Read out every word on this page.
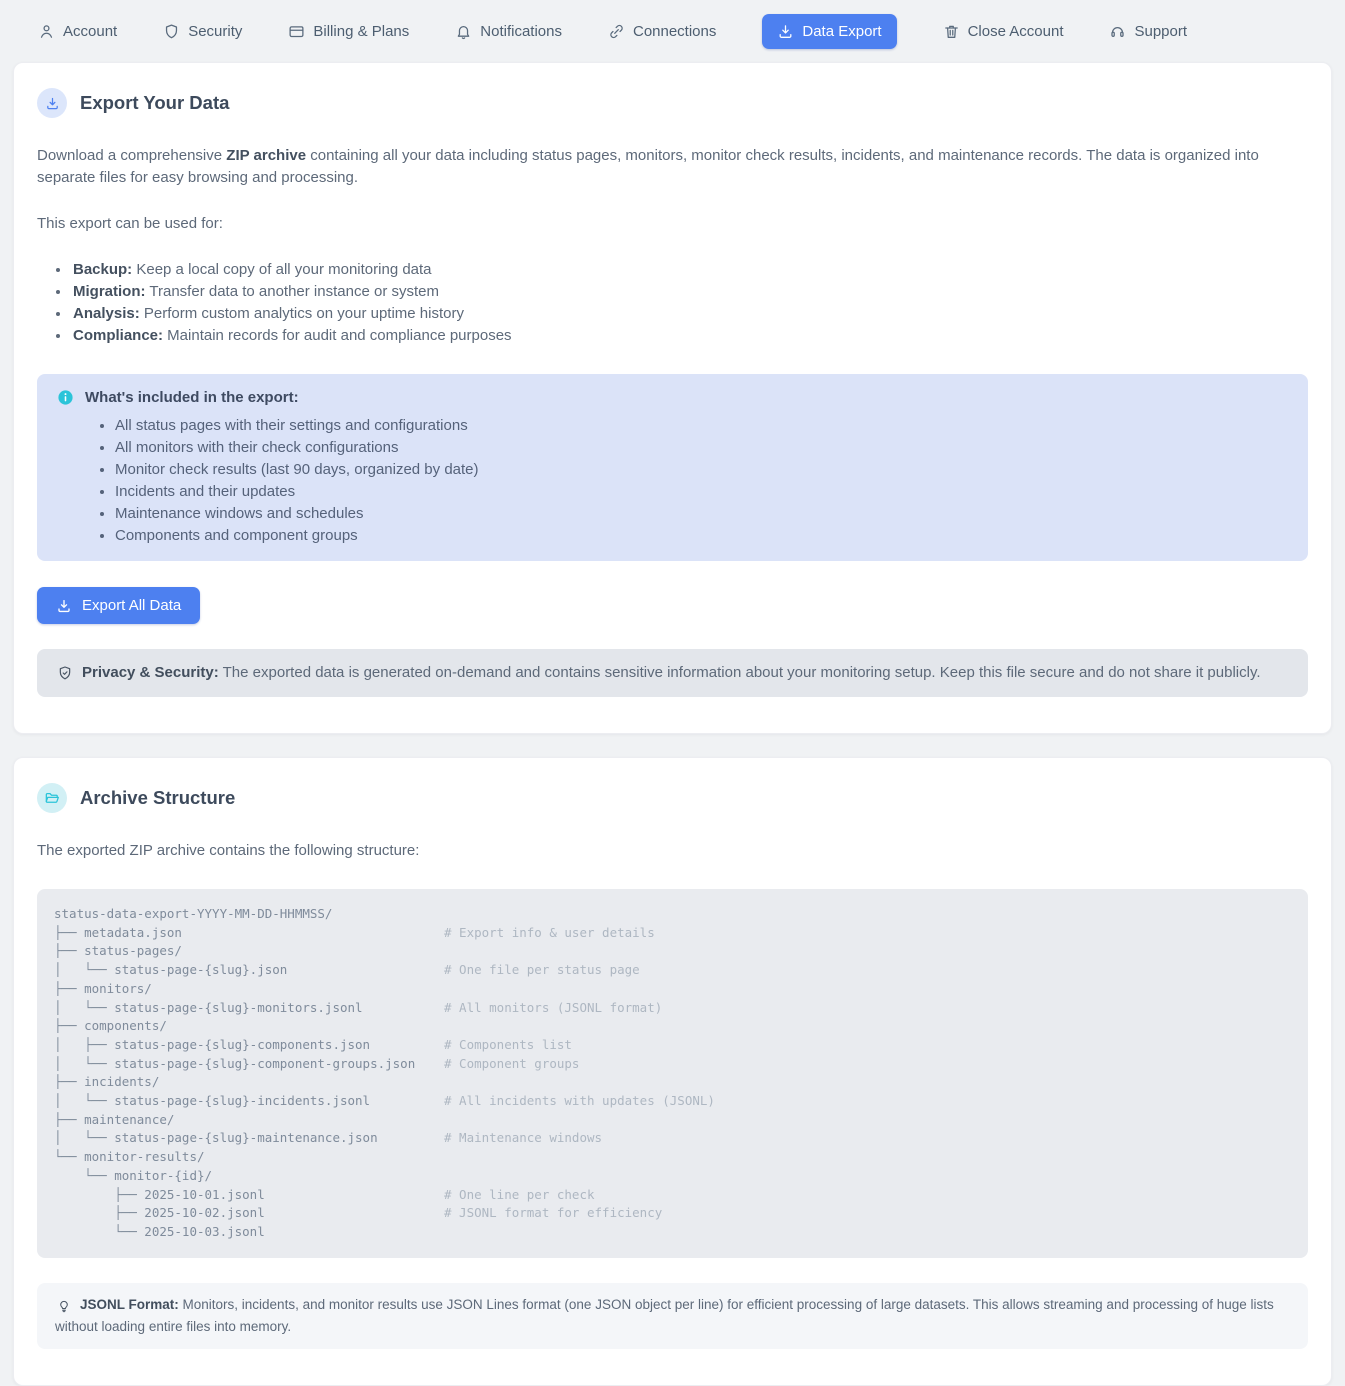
Account	Security	Billing & Plans	Notifications	Connections	Data Export	Close Account	Support
Export Your Data

Download a comprehensive ZIP archive containing all your data including status pages, monitors, monitor check results, incidents, and maintenance records. The data is organized into separate files for easy browsing and processing.

This export can be used for:

• Backup: Keep a local copy of all your monitoring data
• Migration: Transfer data to another instance or system
• Analysis: Perform custom analytics on your uptime history
• Compliance: Maintain records for audit and compliance purposes
What's included in the export:
• All status pages with their settings and configurations
• All monitors with their check configurations
• Monitor check results (last 90 days, organized by date)
• Incidents and their updates
• Maintenance windows and schedules
• Components and component groups
Export All Data

Privacy & Security: The exported data is generated on-demand and contains sensitive information about your monitoring setup. Keep this file secure and do not share it publicly.

Archive Structure

The exported ZIP archive contains the following structure:

status-data-export-YYYY-MM-DD-HHMMSS/
├── metadata.json	# Export info & user details
├── status-pages/
│   └── status-page-{slug}.json	# One file per status page
├── monitors/
│   └── status-page-{slug}-monitors.jsonl	# All monitors (JSONL format)
├── components/
│   ├── status-page-{slug}-components.json	# Components list
│   └── status-page-{slug}-component-groups.json # Component groups
├── incidents/
│   └── status-page-{slug}-incidents.jsonl	# All incidents with updates (JSONL)
├── maintenance/
│   └── status-page-{slug}-maintenance.json	# Maintenance windows
└── monitor-results/
└── monitor-{id}/
├── 2025-10-01.jsonl	# One line per check
├── 2025-10-02.jsonl	# JSONL format for efficiency
└── 2025-10-03.jsonl

JSONL Format: Monitors, incidents, and monitor results use JSON Lines format (one JSON object per line) for efficient processing of large datasets. This allows streaming and processing of huge lists without loading entire files into memory.
